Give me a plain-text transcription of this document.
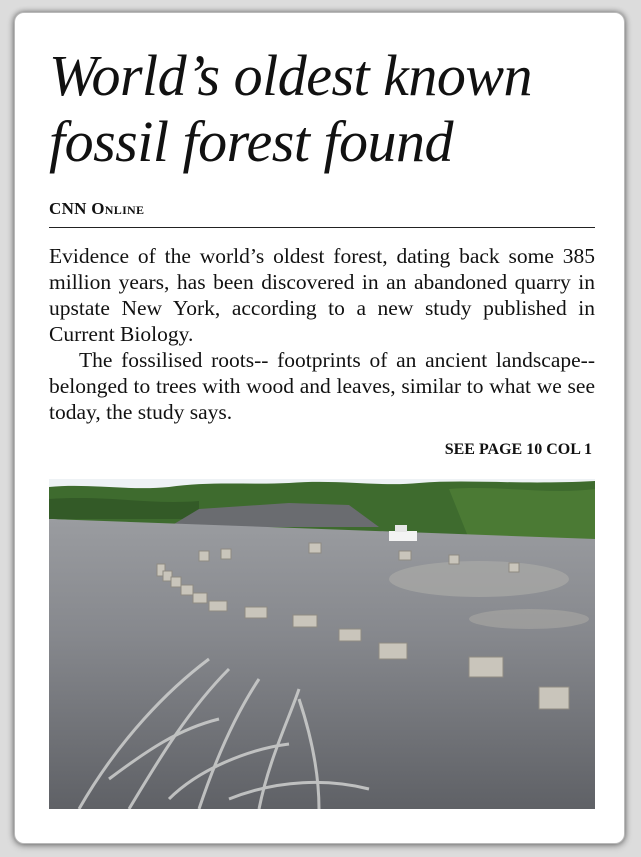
World’s oldest known fossil forest found
CNN Online

Evidence of the world’s oldest forest, dating back some 385 million years, has been discovered in an abandoned quarry in upstate New York, according to a new study published in Current Biology.

The fossilised roots-- footprints of an ancient landscape-- belonged to trees with wood and leaves, similar to what we see today, the study says.

SEE PAGE 10 COL 1
